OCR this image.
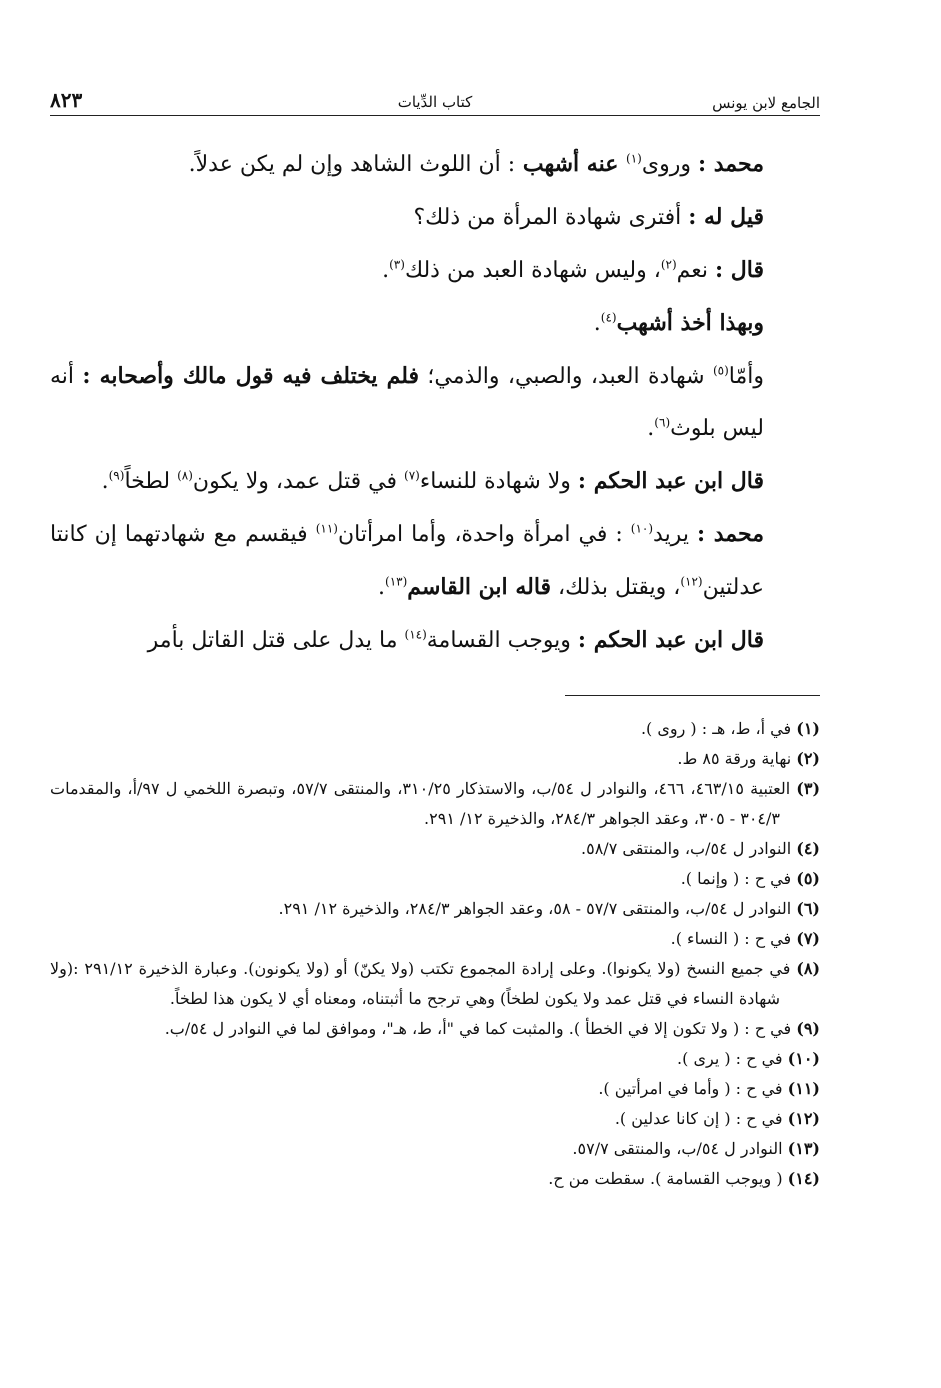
الجامع لابن يونس
كتاب الدِّيات
٨٢٣

محمد : وروى$^{(١)}$ عنه أشهب : أن اللوث الشاهد وإن لم يكن عدلاً.

قيل له : أفترى شهادة المرأة من ذلك؟

قال : نعم$^{(٢)}$، وليس شهادة العبد من ذلك$^{(٣)}$.

وبهذا أخذ أشهب$^{(٤)}$.

وأمّا$^{(٥)}$ شهادة العبد، والصبي، والذمي؛ فلم يختلف فيه قول مالك وأصحابه : أنه ليس بلوث$^{(٦)}$.

قال ابن عبد الحكم : ولا شهادة للنساء$^{(٧)}$ في قتل عمد، ولا يكون$^{(٨)}$ لطخاً$^{(٩)}$.

محمد : يريد$^{(١٠)}$ : في امرأة واحدة، وأما امرأتان$^{(١١)}$ فيقسم مع شهادتهما إن كانتا عدلتين$^{(١٢)}$، ويقتل بذلك، قاله ابن القاسم$^{(١٣)}$.

قال ابن عبد الحكم : ويوجب القسامة$^{(١٤)}$ ما يدل على قتل القاتل بأمر

(١) في أ، ط، هـ : ( روى ).

(٢) نهاية ورقة ٨٥ ط.

(٣) العتبية ٤٦٣/١٥، ٤٦٦، والنوادر ل ٥٤/ب، والاستذكار ٣١٠/٢٥، والمنتقى ٥٧/٧، وتبصرة اللخمي ل ٩٧/أ، والمقدمات ٣٠٤/٣ - ٣٠٥، وعقد الجواهر ٢٨٤/٣، والذخيرة ١٢/ ٢٩١.

(٤) النوادر ل ٥٤/ب، والمنتقى ٥٨/٧.

(٥) في ح : ( وإنما ).

(٦) النوادر ل ٥٤/ب، والمنتقى ٥٧/٧ - ٥٨، وعقد الجواهر ٢٨٤/٣، والذخيرة ١٢/ ٢٩١.

(٧) في ح : ( النساء ).

(٨) في جميع النسخ (ولا يكونوا). وعلى إرادة المجموع تكتب (ولا يكنّ) أو (ولا يكونون). وعبارة الذخيرة ٢٩١/١٢ :(ولا شهادة النساء في قتل عمد ولا يكون لطخاً) وهي ترجح ما أثبتناه، ومعناه أي لا يكون هذا لطخاً.

(٩) في ح : ( ولا تكون إلا في الخطأ ). والمثبت كما في "أ، ط، هـ"، وموافق لما في النوادر ل ٥٤/ب.

(١٠) في ح : ( يرى ).

(١١) في ح : ( وأما في امرأتين ).

(١٢) في ح : ( إن كانا عدلين ).

(١٣) النوادر ل ٥٤/ب، والمنتقى ٥٧/٧.

(١٤) ( ويوجب القسامة ). سقطت من ح.
